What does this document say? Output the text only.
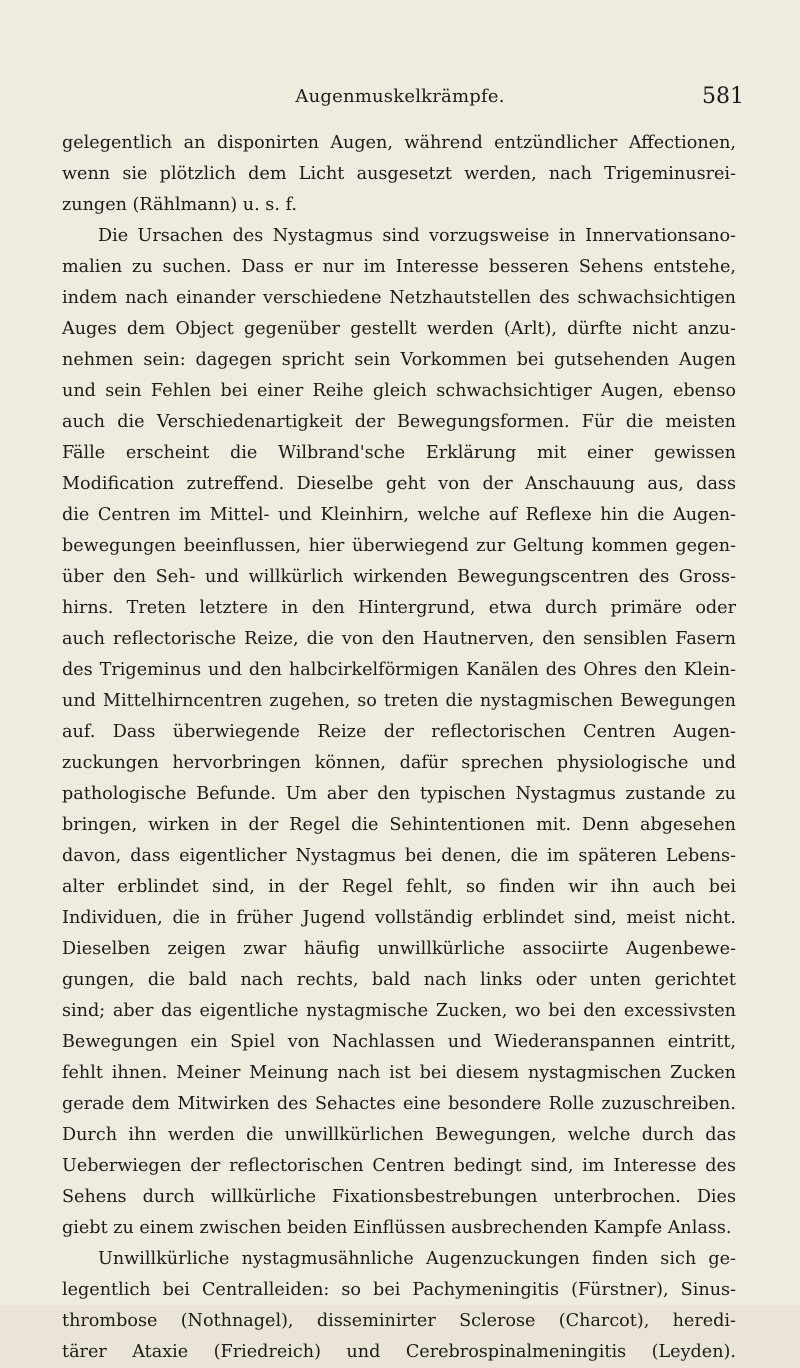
Augenmuskelkrämpfe.	581
gelegentlich an disponirten Augen, während entzündlicher Affectionen,
wenn sie plötzlich dem Licht ausgesetzt werden, nach Trigeminusrei-
zungen (Rählmann) u. s. f.
Die Ursachen des Nystagmus sind vorzugsweise in Innervationsano-
malien zu suchen. Dass er nur im Interesse besseren Sehens entstehe,
indem nach einander verschiedene Netzhautstellen des schwachsichtigen
Auges dem Object gegenüber gestellt werden (Arlt), dürfte nicht anzu-
nehmen sein: dagegen spricht sein Vorkommen bei gutsehenden Augen
und sein Fehlen bei einer Reihe gleich schwachsichtiger Augen, ebenso
auch die Verschiedenartigkeit der Bewegungsformen. Für die meisten
Fälle erscheint die Wilbrand'sche Erklärung mit einer gewissen
Modification zutreffend. Dieselbe geht von der Anschauung aus, dass
die Centren im Mittel- und Kleinhirn, welche auf Reflexe hin die Augen-
bewegungen beeinflussen, hier überwiegend zur Geltung kommen gegen-
über den Seh- und willkürlich wirkenden Bewegungscentren des Gross-
hirns. Treten letztere in den Hintergrund, etwa durch primäre oder
auch reflectorische Reize, die von den Hautnerven, den sensiblen Fasern
des Trigeminus und den halbcirkelförmigen Kanälen des Ohres den Klein-
und Mittelhirncentren zugehen, so treten die nystagmischen Bewegungen
auf. Dass überwiegende Reize der reflectorischen Centren Augen-
zuckungen hervorbringen können, dafür sprechen physiologische und
pathologische Befunde. Um aber den typischen Nystagmus zustande zu
bringen, wirken in der Regel die Sehintentionen mit. Denn abgesehen
davon, dass eigentlicher Nystagmus bei denen, die im späteren Lebens-
alter erblindet sind, in der Regel fehlt, so finden wir ihn auch bei
Individuen, die in früher Jugend vollständig erblindet sind, meist nicht.
Dieselben zeigen zwar häufig unwillkürliche associirte Augenbewe-
gungen, die bald nach rechts, bald nach links oder unten gerichtet
sind; aber das eigentliche nystagmische Zucken, wo bei den excessivsten
Bewegungen ein Spiel von Nachlassen und Wiederanspannen eintritt,
fehlt ihnen. Meiner Meinung nach ist bei diesem nystagmischen Zucken
gerade dem Mitwirken des Sehactes eine besondere Rolle zuzuschreiben.
Durch ihn werden die unwillkürlichen Bewegungen, welche durch das
Ueberwiegen der reflectorischen Centren bedingt sind, im Interesse des
Sehens durch willkürliche Fixationsbestrebungen unterbrochen. Dies
giebt zu einem zwischen beiden Einflüssen ausbrechenden Kampfe Anlass.
Unwillkürliche nystagmusähnliche Augenzuckungen finden sich ge-
legentlich bei Centralleiden: so bei Pachymeningitis (Fürstner), Sinus-
thrombose (Nothnagel), disseminirter Sclerose (Charcot), heredi-
tärer Ataxie (Friedreich) und Cerebrospinalmeningitis (Leyden).
